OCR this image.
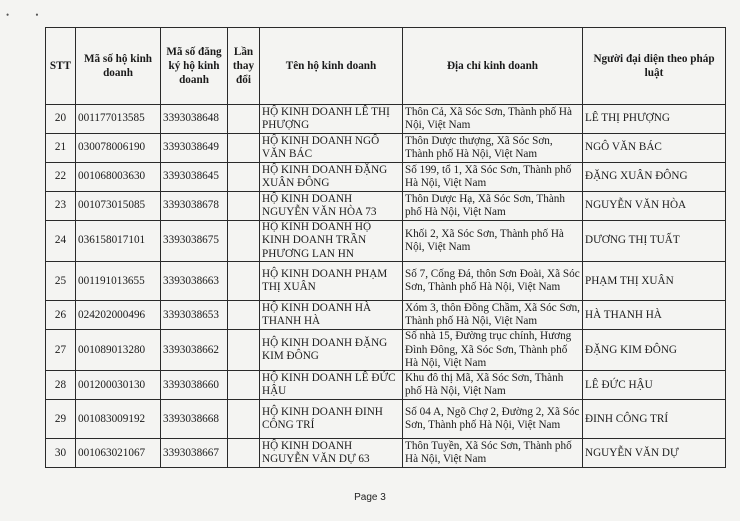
• •
STT	Mã số hộ kinh doanh	Mã số đăng ký hộ kinh doanh	Lần thay đổi	Tên hộ kinh doanh	Địa chỉ kinh doanh	Người đại diện theo pháp luật
20	001177013585	3393038648		HỘ KINH DOANH LÊ THỊ PHƯỢNG	Thôn Cả, Xã Sóc Sơn, Thành phố Hà Nội, Việt Nam	LÊ THỊ PHƯỢNG
21	030078006190	3393038649		HỘ KINH DOANH NGÔ VĂN BÁC	Thôn Dược thượng, Xã Sóc Sơn, Thành phố Hà Nội, Việt Nam	NGÔ VĂN BÁC
22	001068003630	3393038645		HỘ KINH DOANH ĐẶNG XUÂN ĐÔNG	Số 199, tổ 1, Xã Sóc Sơn, Thành phố Hà Nội, Việt Nam	ĐẶNG XUÂN ĐÔNG
23	001073015085	3393038678		HỘ KINH DOANH NGUYỄN VĂN HÒA 73	Thôn Dược Hạ, Xã Sóc Sơn, Thành phố Hà Nội, Việt Nam	NGUYỄN VĂN HÒA
24	036158017101	3393038675		HỘ KINH DOANH HỘ KINH DOANH TRẦN PHƯƠNG LAN HN	Khối 2, Xã Sóc Sơn, Thành phố Hà Nội, Việt Nam	DƯƠNG THỊ TUẤT
25	001191013655	3393038663		HỘ KINH DOANH PHẠM THỊ XUÂN	Số 7, Cống Đá, thôn Sơn Đoài, Xã Sóc Sơn, Thành phố Hà Nội, Việt Nam	PHẠM THỊ XUÂN
26	024202000496	3393038653		HỘ KINH DOANH HÀ THANH HÀ	Xóm 3, thôn Đồng Chầm, Xã Sóc Sơn, Thành phố Hà Nội, Việt Nam	HÀ THANH HÀ
27	001089013280	3393038662		HỘ KINH DOANH ĐẶNG KIM ĐÔNG	Số nhà 15, Đường trục chính, Hương Đình Đông, Xã Sóc Sơn, Thành phố Hà Nội, Việt Nam	ĐẶNG KIM ĐÔNG
28	001200030130	3393038660		HỘ KINH DOANH LÊ ĐỨC HẬU	Khu đô thị Mã, Xã Sóc Sơn, Thành phố Hà Nội, Việt Nam	LÊ ĐỨC HẬU
29	001083009192	3393038668		HỘ KINH DOANH ĐINH CÔNG TRÍ	Số 04 A, Ngõ Chợ 2, Đường 2, Xã Sóc Sơn, Thành phố Hà Nội, Việt Nam	ĐINH CÔNG TRÍ
30	001063021067	3393038667		HỘ KINH DOANH NGUYỄN VĂN DỰ 63	Thôn Tuyền, Xã Sóc Sơn, Thành phố Hà Nội, Việt Nam	NGUYỄN VĂN DỰ
Page 3
